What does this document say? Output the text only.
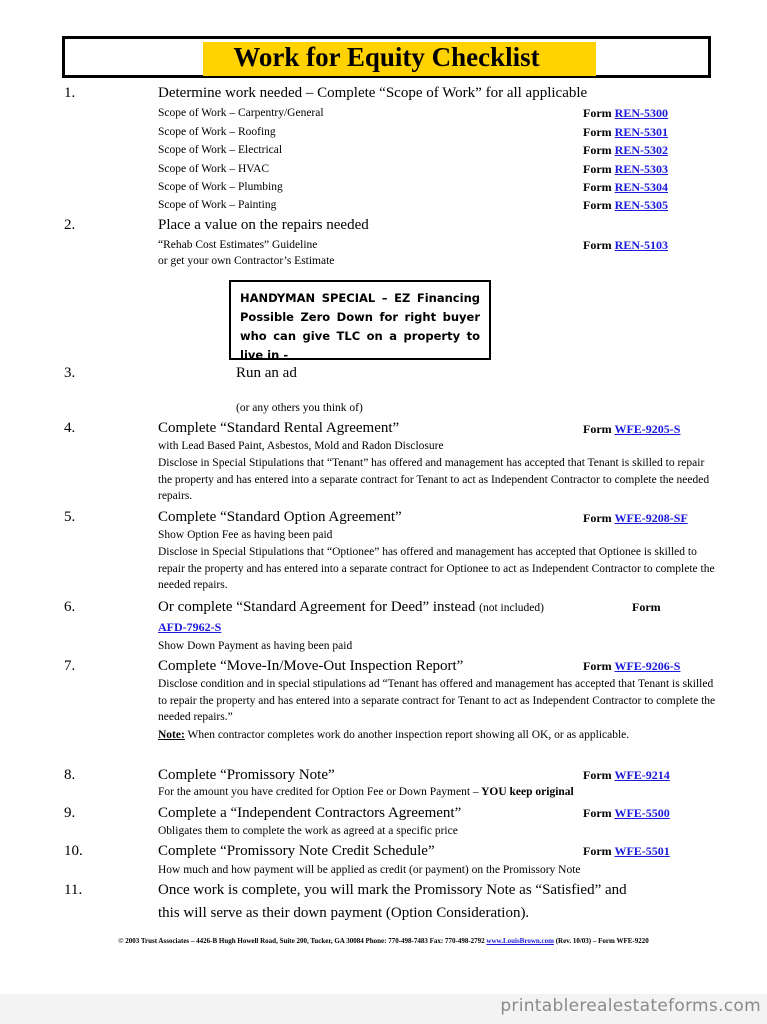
Work for Equity Checklist
1.	Determine work needed – Complete “Scope of Work” for all applicable
Scope of Work – Carpentry/General	Form REN-5300
Scope of Work – Roofing	Form REN-5301
Scope of Work – Electrical	Form REN-5302
Scope of Work – HVAC	Form REN-5303
Scope of Work – Plumbing	Form REN-5304
Scope of Work – Painting	Form REN-5305
2.	Place a value on the repairs needed
“Rehab Cost Estimates” Guideline	Form REN-5103
or get your own Contractor’s Estimate
HANDYMAN SPECIAL – EZ Financing Possible Zero Down for right buyer who can give TLC on a property to live in -
3.	Run an ad
(or any others you think of)
4.	Complete “Standard Rental Agreement”	Form WFE-9205-S
with Lead Based Paint, Asbestos, Mold and Radon Disclosure
Disclose in Special Stipulations that “Tenant” has offered and management has accepted that Tenant is skilled to repair the property and has entered into a separate contract for Tenant to act as Independent Contractor to complete the needed repairs.
5.	Complete “Standard Option Agreement”	Form WFE-9208-SF
Show Option Fee as having been paid
Disclose in Special Stipulations that “Optionee” has offered and management has accepted that Optionee is skilled to repair the property and has entered into a separate contract for Optionee to act as Independent Contractor to complete the needed repairs.
6.	Or complete “Standard Agreement for Deed” instead (not included)	Form
AFD-7962-S
Show Down Payment as having been paid
7.	Complete “Move-In/Move-Out Inspection Report”	Form WFE-9206-S
Disclose condition and in special stipulations ad “Tenant has offered and management has accepted that Tenant is skilled to repair the property and has entered into a separate contract for Tenant to act as Independent Contractor to complete the needed repairs.”
Note: When contractor completes work do another inspection report showing all OK, or as applicable.
8.	Complete “Promissory Note”	Form WFE-9214
For the amount you have credited for Option Fee or Down Payment – YOU keep original
9.	Complete a “Independent Contractors Agreement”	Form WFE-5500
Obligates them to complete the work as agreed at a specific price
10.	Complete “Promissory Note Credit Schedule”	Form WFE-5501
How much and how payment will be applied as credit (or payment) on the Promissory Note
11.	Once work is complete, you will mark the Promissory Note as “Satisfied” and
this will serve as their down payment (Option Consideration).
© 2003 Trust Associates – 4426-B Hugh Howell Road, Suite 200, Tucker, GA 30084 Phone: 770-498-7483 Fax: 770-498-2792 www.LouisBrown.com (Rev. 10/03) – Form WFE-9220
printablerealestateforms.com
